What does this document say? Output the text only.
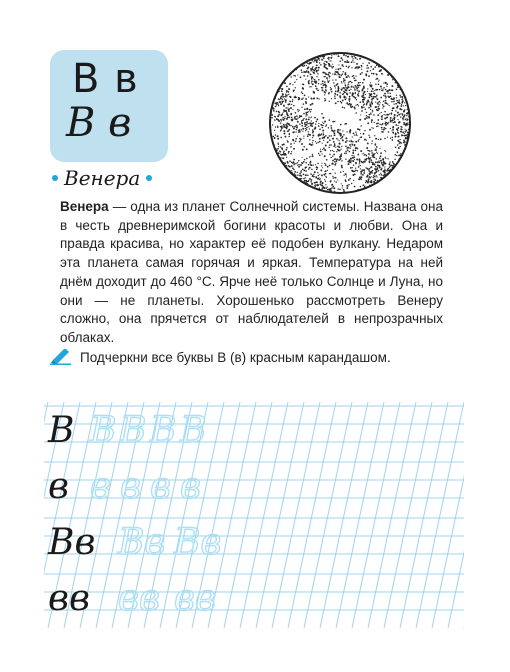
В в
В в
Венера
Венера — одна из планет Солнечной системы. Названа она в честь древнеримской богини красоты и любви. Она и правда красива, но характер её подобен вулкану. Недаром эта планета самая горячая и яркая. Температура на ней днём доходит до 460 °С. Ярче неё только Солнце и Луна, но они — не планеты. Хорошенько рассмотреть Венеру сложно, она прячется от наблюдателей в непрозрачных облаках.
Подчеркни все буквы В (в) красным карандашом.
В В В В В
в в в в в
Вв Вв Вв
вв вв вв
